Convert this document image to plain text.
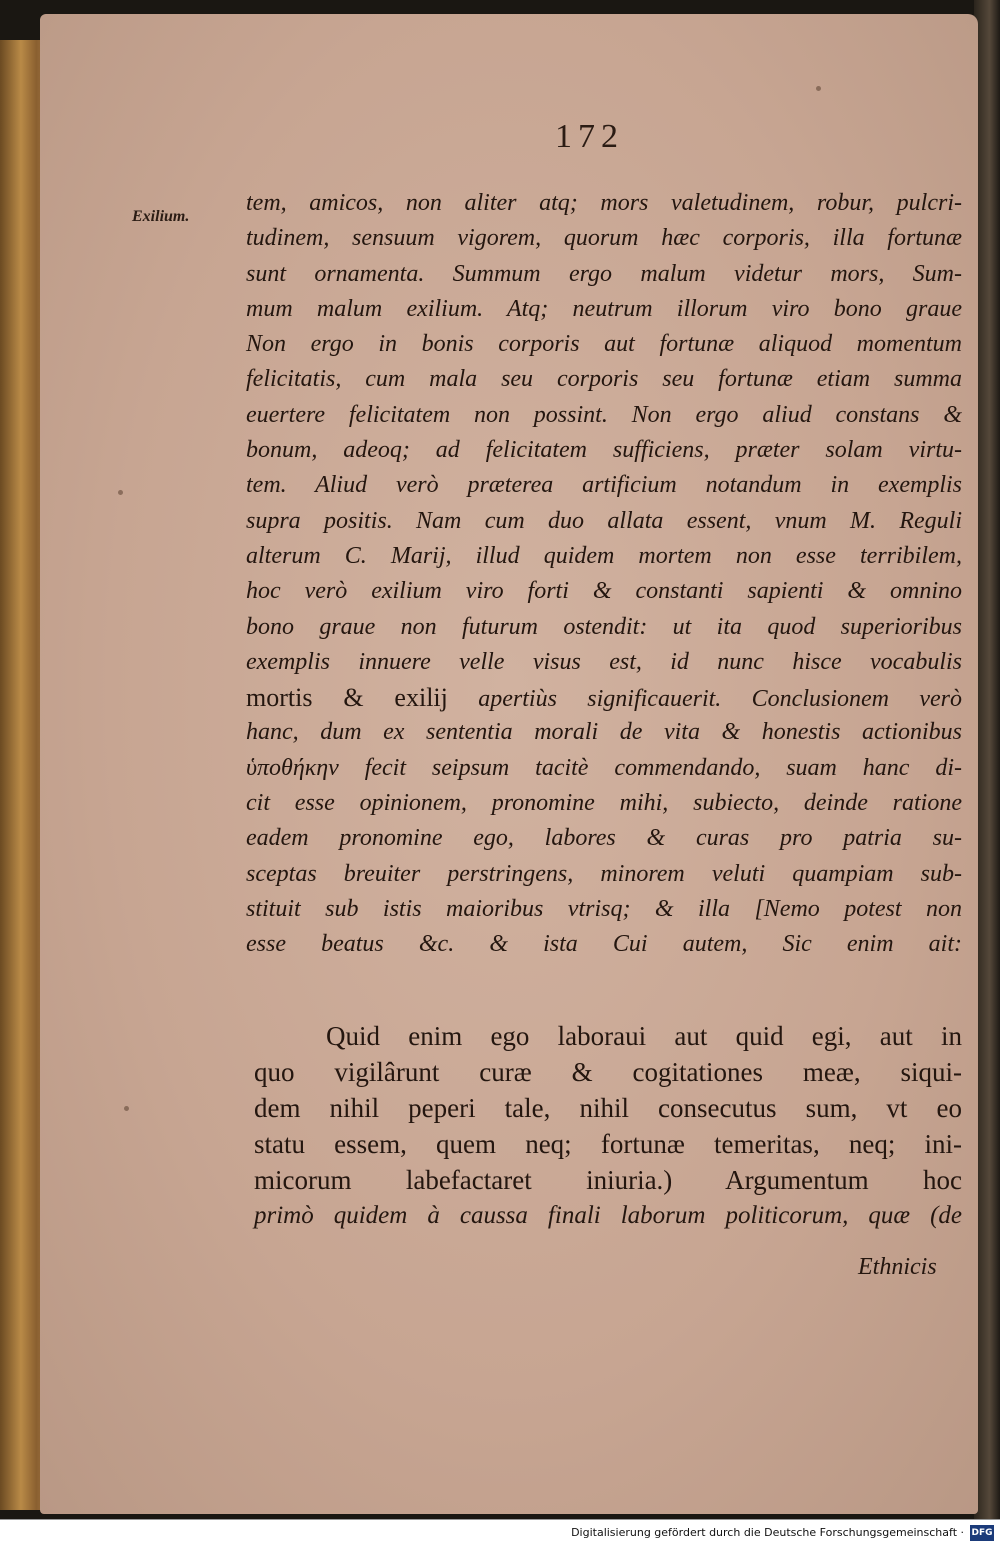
172
Exilium.
tem, amicos, non aliter atq; mors valetudinem, robur, pulcri-
tudinem, sensuum vigorem, quorum hæc corporis, illa fortunæ
sunt ornamenta. Summum ergo malum videtur mors, Sum-
mum malum exilium. Atq; neutrum illorum viro bono graue
Non ergo in bonis corporis aut fortunæ aliquod momentum
felicitatis, cum mala seu corporis seu fortunæ etiam summa
euertere felicitatem non possint. Non ergo aliud constans &
bonum, adeoq; ad felicitatem sufficiens, præter solam virtu-
tem. Aliud verò præterea artificium notandum in exemplis
supra positis. Nam cum duo allata essent, vnum M. Reguli
alterum C. Marij, illud quidem mortem non esse terribilem,
hoc verò exilium viro forti & constanti sapienti & omnino
bono graue non futurum ostendit: ut ita quod superioribus
exemplis innuere velle visus est, id nunc hisce vocabulis
mortis & exilij apertiùs significauerit. Conclusionem verò
hanc, dum ex sententia morali de vita & honestis actionibus
ὑποθήκην fecit seipsum tacitè commendando, suam hanc di-
cit esse opinionem, pronomine mihi, subiecto, deinde ratione
eadem pronomine ego, labores & curas pro patria su-
sceptas breuiter perstringens, minorem veluti quampiam sub-
stituit sub istis maioribus vtrisq; & illa [Nemo potest non
esse beatus &c. & ista Cui autem, Sic enim ait:
Quid enim ego laboraui aut quid egi, aut in
quo vigilârunt curæ & cogitationes meæ, siqui-
dem nihil peperi tale, nihil consecutus sum, vt eo
statu essem, quem neq; fortunæ temeritas, neq; ini-
micorum labefactaret iniuria.) Argumentum hoc
primò quidem à caussa finali laborum politicorum, quæ (de
Ethnicis
Digitalisierung gefördert durch die Deutsche Forschungsgemeinschaft · DFG
